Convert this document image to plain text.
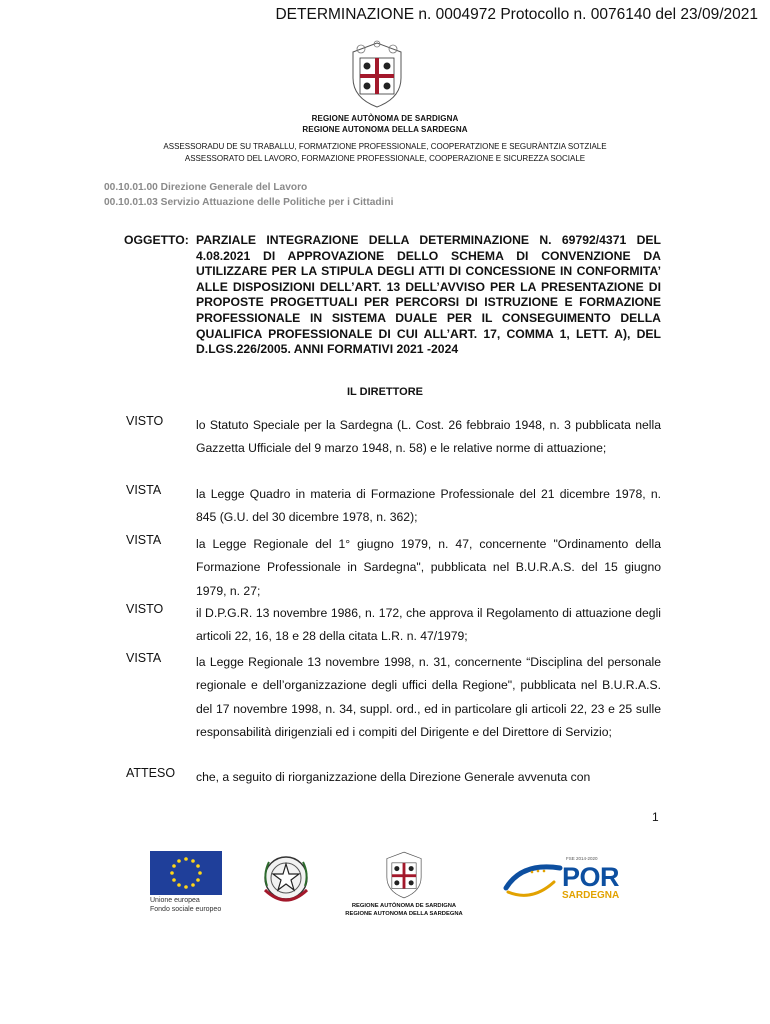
DETERMINAZIONE n. 0004972 Protocollo n. 0076140 del 23/09/2021
REGIONE AUTÒNOMA DE SARDIGNA
REGIONE AUTONOMA DELLA SARDEGNA
ASSESSORADU DE SU TRABALLU, FORMATZIONE PROFESSIONALE, COOPERATZIONE E SEGURÀNTZIA SOTZIALE
ASSESSORATO DEL LAVORO, FORMAZIONE PROFESSIONALE, COOPERAZIONE E SICUREZZA SOCIALE
00.10.01.00 Direzione Generale del Lavoro
00.10.01.03 Servizio Attuazione delle Politiche per i Cittadini
OGGETTO: PARZIALE INTEGRAZIONE DELLA DETERMINAZIONE N. 69792/4371 DEL 4.08.2021 DI APPROVAZIONE DELLO SCHEMA DI CONVENZIONE DA UTILIZZARE PER LA STIPULA DEGLI ATTI DI CONCESSIONE IN CONFORMITA’ ALLE DISPOSIZIONI DELL’ART. 13 DELL’AVVISO PER LA PRESENTAZIONE DI PROPOSTE PROGETTUALI PER PERCORSI DI ISTRUZIONE E FORMAZIONE PROFESSIONALE IN SISTEMA DUALE PER IL CONSEGUIMENTO DELLA QUALIFICA PROFESSIONALE DI CUI ALL’ART. 17, COMMA 1, LETT. A), DEL D.LGS.226/2005. ANNI FORMATIVI 2021 -2024
IL DIRETTORE
VISTO	lo Statuto Speciale per la Sardegna (L. Cost. 26 febbraio 1948, n. 3 pubblicata nella Gazzetta Ufficiale del 9 marzo 1948, n. 58) e le relative norme di attuazione;
VISTA	la Legge Quadro in materia di Formazione Professionale del 21 dicembre 1978, n. 845 (G.U. del 30 dicembre 1978, n. 362);
VISTA	la Legge Regionale del 1° giugno 1979, n. 47, concernente "Ordinamento della Formazione Professionale in Sardegna", pubblicata nel B.U.R.A.S. del 15 giugno 1979, n. 27;
VISTO	il D.P.G.R. 13 novembre 1986, n. 172, che approva il Regolamento di attuazione degli articoli 22, 16, 18 e 28 della citata L.R. n. 47/1979;
VISTA	la Legge Regionale 13 novembre 1998, n. 31, concernente “Disciplina del personale regionale e dell’organizzazione degli uffici della Regione", pubblicata nel B.U.R.A.S. del 17 novembre 1998, n. 34, suppl. ord., ed in particolare gli articoli 22, 23 e 25 sulle responsabilità dirigenziali ed i compiti del Dirigente e del Direttore di Servizio;
ATTESO che, a seguito di riorganizzazione della Direzione Generale avvenuta con
1
Unione europea
Fondo sociale europeo	REGIONE AUTÒNOMA DE SARDIGNA
REGIONE AUTONOMA DELLA SARDEGNA
FSE 2014-2020
POR
SARDEGNA
